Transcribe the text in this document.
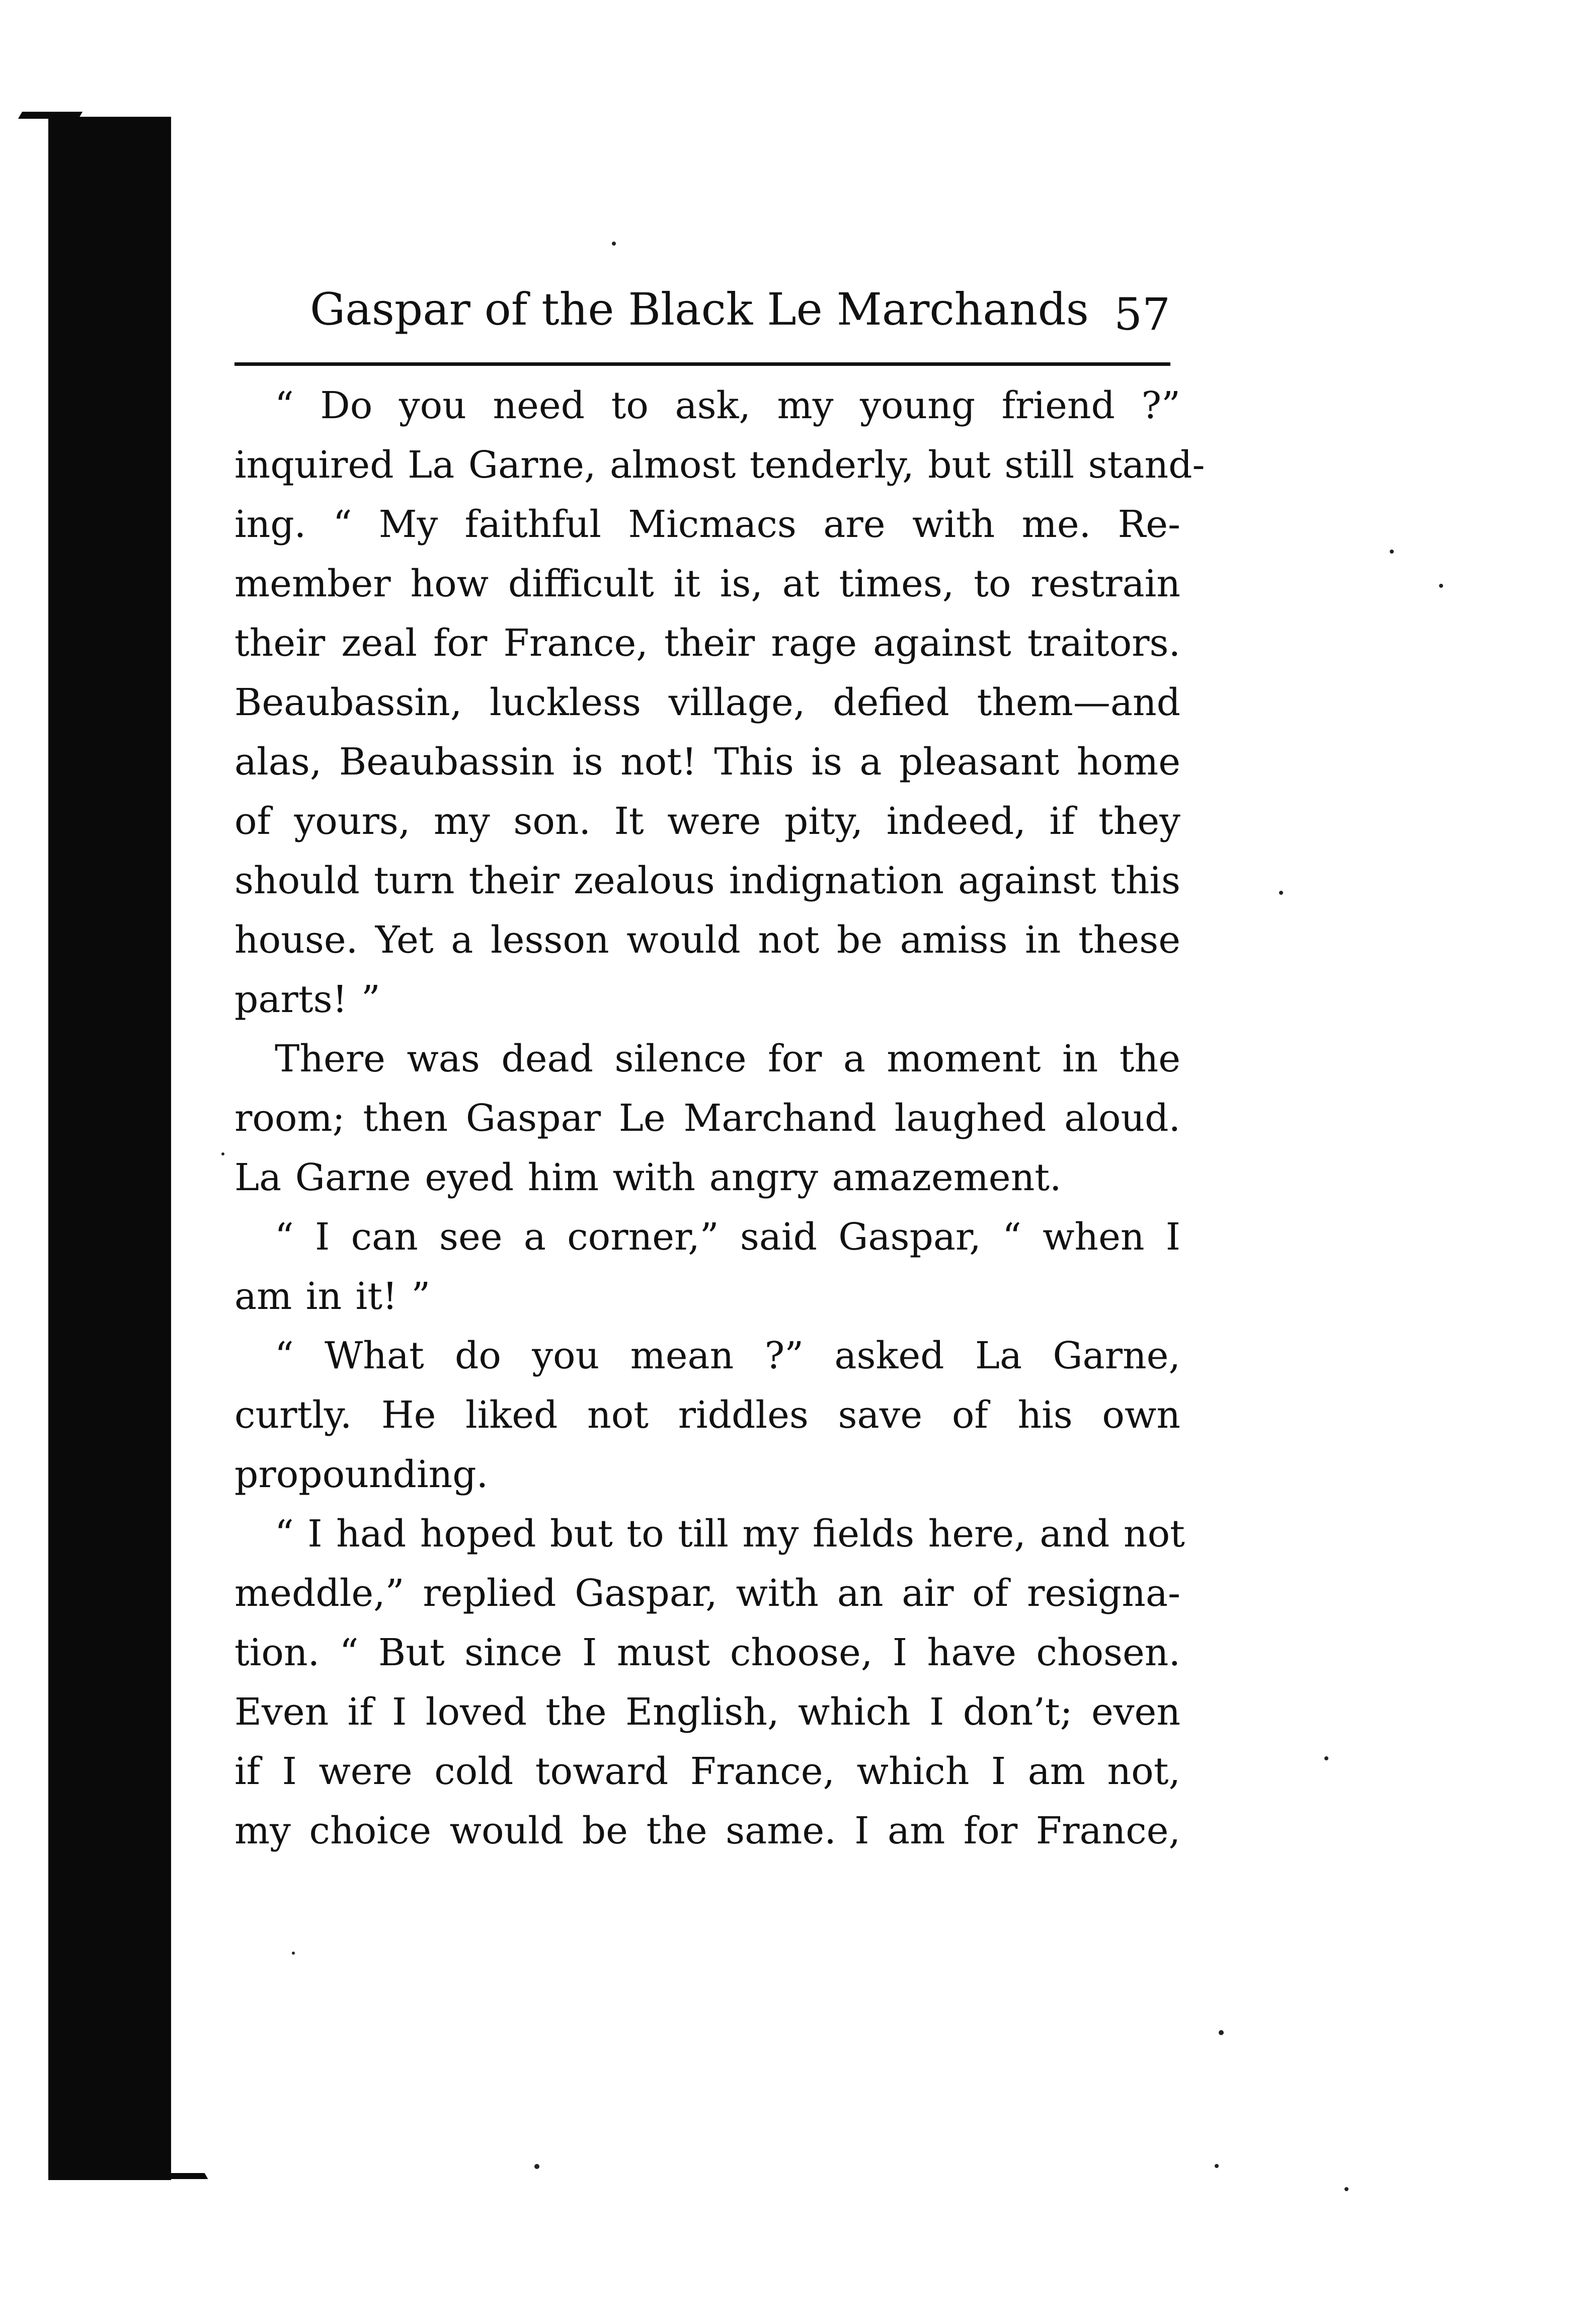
Gaspar of the Black Le Marchands 57
“ Do you need to ask, my young friend ?”
inquired La Garne, almost tenderly, but still stand-
ing. “ My faithful Micmacs are with me. Re-
member how difficult it is, at times, to restrain
their zeal for France, their rage against traitors.
Beaubassin, luckless village, defied them—and
alas, Beaubassin is not! This is a pleasant home
of yours, my son. It were pity, indeed, if they
should turn their zealous indignation against this
house. Yet a lesson would not be amiss in these
parts! ”
There was dead silence for a moment in the
room; then Gaspar Le Marchand laughed aloud.
La Garne eyed him with angry amazement.
“ I can see a corner,” said Gaspar, “ when I
am in it! ”
“ What do you mean ?” asked La Garne,
curtly. He liked not riddles save of his own
propounding.
“ I had hoped but to till my fields here, and not
meddle,” replied Gaspar, with an air of resigna-
tion. “ But since I must choose, I have chosen.
Even if I loved the English, which I don’t; even
if I were cold toward France, which I am not,
my choice would be the same. I am for France,
